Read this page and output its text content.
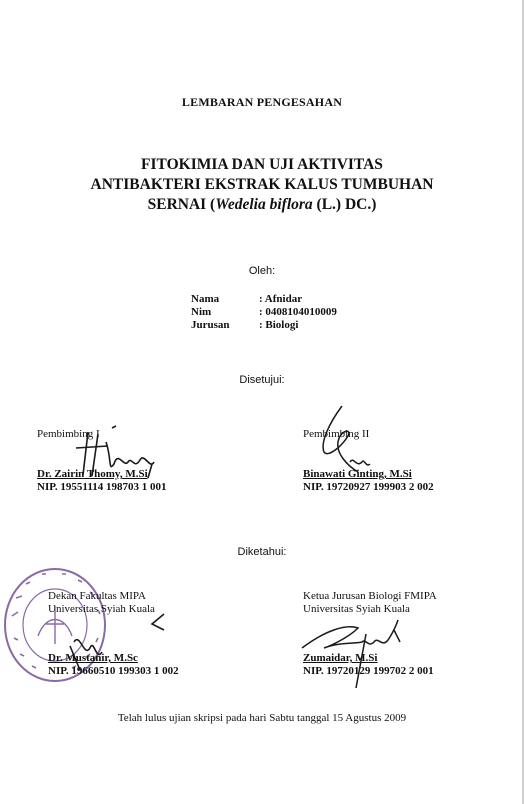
LEMBARAN PENGESAHAN
FITOKIMIA DAN UJI AKTIVITAS
ANTIBAKTERI EKSTRAK KALUS TUMBUHAN
SERNAI (Wedelia biflora (L.) DC.)
Oleh:
Nama	: Afnidar
Nim	: 0408104010009
Jurusan	: Biologi
Disetujui:
Pembimbing I
Dr. Zairin Thomy, M.Si
NIP. 19551114 198703 1 001
Pembimbing II
Binawati Ginting, M.Si
NIP. 19720927 199903 2 002
Diketahui:
Dekan Fakultas MIPA
Universitas Syiah Kuala
Dr. Mustanir, M.Sc
NIP. 19660510 199303 1 002
Ketua Jurusan Biologi FMIPA
Universitas Syiah Kuala
Zumaidar, M.Si
NIP. 19720129 199702 2 001
Telah lulus ujian skripsi pada hari Sabtu tanggal 15 Agustus 2009
